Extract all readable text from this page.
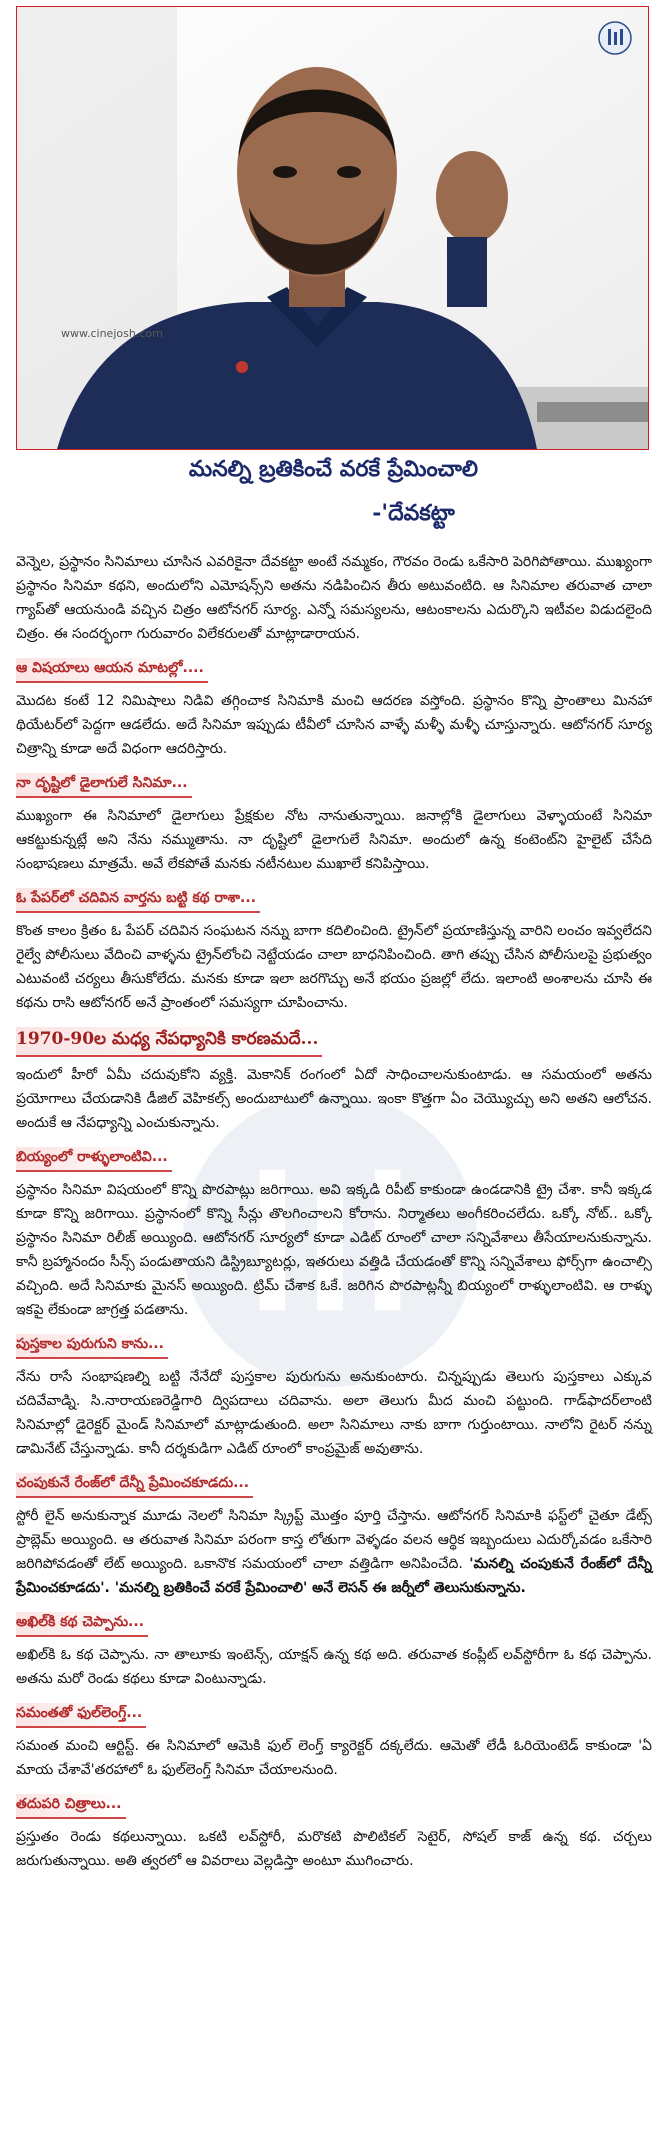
www.cinejosh.com
మనల్ని బ్రతికించే వరకే ప్రేమించాలి
-'దేవకట్టా

వెన్నెల, ప్రస్థానం సినిమాలు చూసిన ఎవరికైనా దేవకట్టా అంటే నమ్మకం, గౌరవం రెండు ఒకేసారి పెరిగిపోతాయి. ముఖ్యంగా ప్రస్థానం సినిమా కథని, అందులోని ఎమోషన్స్‌ని అతను నడిపించిన తీరు అటువంటిది. ఆ సినిమాల తరువాత చాలా గ్యాప్‌తో ఆయనుండి వచ్చిన చిత్రం ఆటోనగర్ సూర్య. ఎన్నో సమస్యలను, ఆటంకాలను ఎదుర్కొని ఇటీవల విడుదలైంది చిత్రం. ఈ సందర్భంగా గురువారం విలేకరులతో మాట్లాడారాయన.

ఆ విషయాలు ఆయన మాటల్లో....

మొదట కంటే 12 నిమిషాలు నిడివి తగ్గించాక సినిమాకి మంచి ఆదరణ వస్తోంది. ప్రస్థానం కొన్ని ప్రాంతాలు మినహా థియేటర్‌లో పెద్దగా ఆడలేదు. అదే సినిమా ఇప్పుడు టీవీలో చూసిన వాళ్ళే మళ్ళీ మళ్ళీ చూస్తున్నారు. ఆటోనగర్ సూర్య చిత్రాన్ని కూడా అదే విధంగా ఆదరిస్తారు.

నా దృష్టిలో డైలాగులే సినిమా...

ముఖ్యంగా ఈ సినిమాలో డైలాగులు ప్రేక్షకుల నోట నానుతున్నాయి. జనాల్లోకి డైలాగులు వెళ్ళాయంటే సినిమా ఆకట్టుకున్నట్లే అని నేను నమ్ముతాను. నా దృష్టిలో డైలాగులే సినిమా. అందులో ఉన్న కంటెంట్‌ని హైలైట్ చేసేది సంభాషణలు మాత్రమే. అవే లేకపోతే మనకు నటీనటుల ముఖాలే కనిపిస్తాయి.

ఓ పేపర్‌లో చదివిన వార్తను బట్టి కథ రాశా...

కొంత కాలం క్రితం ఓ పేపర్ చదివిన సంఘటన నన్ను బాగా కదిలించింది. ట్రైన్‌లో ప్రయాణిస్తున్న వారిని లంచం ఇవ్వలేదని రైల్వే పోలీసులు వేదించి వాళ్ళను ట్రైన్‌లోంచి నెట్టేయడం చాలా బాధనిపించింది. తాగి తప్పు చేసిన పోలీసులపై ప్రభుత్వం ఎటువంటి చర్యలు తీసుకోలేదు. మనకు కూడా ఇలా జరగొచ్చు అనే భయం ప్రజల్లో లేదు. ఇలాంటి అంశాలను చూసి ఈ కథను రాసి ఆటోనగర్ అనే ప్రాంతంలో సమస్యగా చూపించాను.

1970-90ల మధ్య నేపధ్యానికి కారణమదే...

ఇందులో హీరో ఏమీ చదువుకోని వ్యక్తి. మెకానిక్ రంగంలో ఏదో సాధించాలనుకుంటాడు. ఆ సమయంలో అతను ప్రయోగాలు చేయడానికి డీజిల్ వెహికల్స్ అందుబాటులో ఉన్నాయి. ఇంకా కొత్తగా ఏం చెయ్యొచ్చు అని అతని ఆలోచన. అందుకే ఆ నేపధ్యాన్ని ఎంచుకున్నాను.

బియ్యంలో రాళ్ళులాంటివి...

ప్రస్థానం సినిమా విషయంలో కొన్ని పొరపాట్లు జరిగాయి. అవి ఇక్కడి రిపీట్ కాకుండా ఉండడానికి ట్రై చేశా. కానీ ఇక్కడ కూడా కొన్ని జరిగాయి. ప్రస్థానంలో కొన్ని సీన్లు తొలగించాలని కోరాను. నిర్మాతలు అంగీకరించలేదు. ఒక్కో నోట్.. ఒక్కో ప్రస్థానం సినిమా రిలీజ్ అయ్యింది. ఆటోనగర్ సూర్యలో కూడా ఎడిట్ రూంలో చాలా సన్నివేశాలు తీసేయాలనుకున్నాను. కానీ బ్రహ్మానందం సీన్స్ పండుతాయని డిస్ట్రిబ్యూటర్లు, ఇతరులు వత్తిడి చేయడంతో కొన్ని సన్నివేశాలు ఫోర్స్‌గా ఉంచాల్సి వచ్చింది. అదే సినిమాకు మైనస్ అయ్యింది. ట్రిమ్ చేశాక ఓకే. జరిగిన పొరపాట్లన్నీ బియ్యంలో రాళ్ళులాంటివి. ఆ రాళ్ళు ఇకపై లేకుండా జాగ్రత్త పడతాను.

పుస్తకాల పురుగుని కాను...

నేను రాసే సంభాషణల్ని బట్టి నేనేదో పుస్తకాల పురుగును అనుకుంటారు. చిన్నప్పుడు తెలుగు పుస్తకాలు ఎక్కువ చదివేవాడ్ని. సి.నారాయణరెడ్డిగారి ద్విపదాలు చదివాను. అలా తెలుగు మీద మంచి పట్టుంది. గాడ్‌ఫాదర్‌లాంటి సినిమాల్లో డైరెక్టర్ మైండ్ సినిమాలో మాట్లాడుతుంది. అలా సినిమాలు నాకు బాగా గుర్తుంటాయి. నాలోని రైటర్ నన్ను డామినేట్ చేస్తున్నాడు. కానీ దర్శకుడిగా ఎడిట్ రూంలో కాంప్రమైజ్ అవుతాను.

చంపుకునే రేంజ్‌లో దేన్నీ ప్రేమించకూడదు...

స్టోరీ లైన్ అనుకున్నాక మూడు నెలలో సినిమా స్క్రిప్ట్ మొత్తం పూర్తి చేస్తాను. ఆటోనగర్ సినిమాకి ఫస్ట్‌లో చైతూ డేట్స్ ప్రాబ్లెమ్ అయ్యింది. ఆ తరువాత సినిమా పరంగా కాస్త లోతుగా వెళ్ళడం వలన ఆర్థిక ఇబ్బందులు ఎదుర్కోవడం ఒకేసారి జరిగిపోవడంతో లేట్ అయ్యింది. ఒకానొక సమయంలో చాలా వత్తిడిగా అనిపించేది. 'మనల్ని చంపుకునే రేంజ్‌లో దేన్నీ ప్రేమించకూడదు'. 'మనల్ని బ్రతికించే వరకే ప్రేమించాలి' అనే లెసన్ ఈ జర్నీలో తెలుసుకున్నాను.

అఖిల్‌కి కథ చెప్పాను...

అఖిల్‌కి ఓ కథ చెప్పాను. నా తాలూకు ఇంటెన్స్, యాక్షన్ ఉన్న కథ అది. తరువాత కంప్లీట్ లవ్‌స్టోరీగా ఓ కథ చెప్పాను. అతను మరో రెండు కథలు కూడా వింటున్నాడు.

సమంతతో ఫుల్‌లెంగ్త్...

సమంత మంచి ఆర్టిస్ట్. ఈ సినిమాలో ఆమెకి ఫుల్ లెంగ్త్ క్యారెక్టర్ దక్కలేదు. ఆమెతో లేడీ ఓరియెంటెడ్ కాకుండా 'ఏ మాయ చేశావే'తరహాలో ఓ ఫుల్‌లెంగ్త్ సినిమా చేయాలనుంది.

తదుపరి చిత్రాలు...

ప్రస్తుతం రెండు కథలున్నాయి. ఒకటి లవ్‌స్టోరీ, మరొకటి పొలిటికల్ సెటైర్, సోషల్ కాజ్ ఉన్న కథ. చర్చలు జరుగుతున్నాయి. అతి త్వరలో ఆ వివరాలు వెల్లడిస్తా అంటూ ముగించారు.
